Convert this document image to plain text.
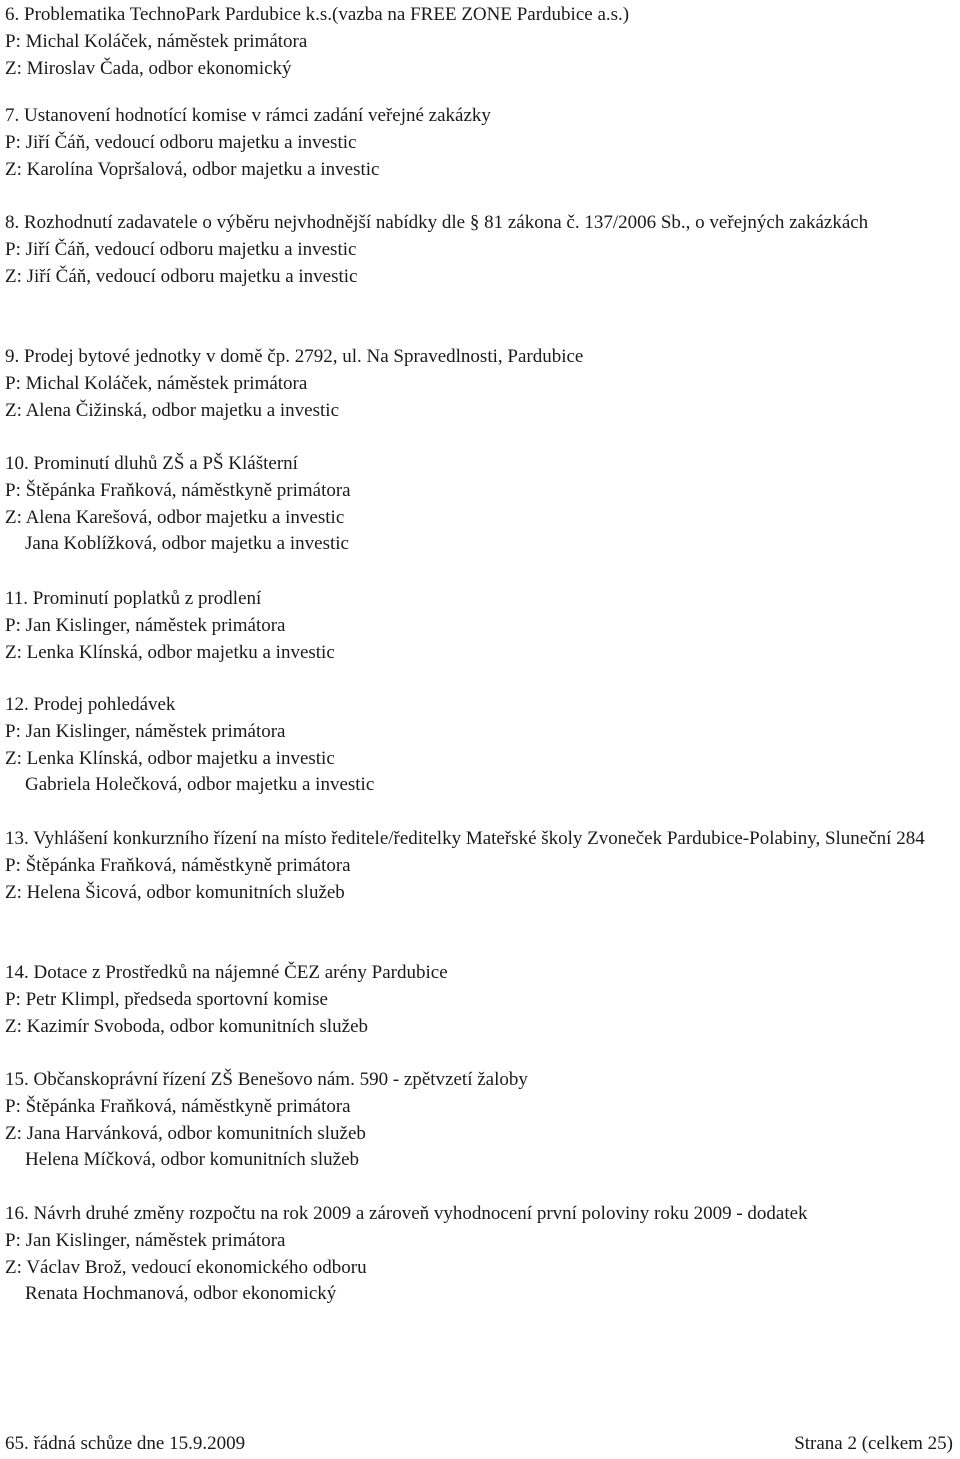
6. Problematika TechnoPark Pardubice k.s.(vazba na FREE ZONE Pardubice a.s.)
P: Michal Koláček, náměstek primátora
Z: Miroslav Čada, odbor ekonomický
7. Ustanovení hodnotící komise v rámci zadání veřejné zakázky
P: Jiří Čáň, vedoucí odboru majetku a investic
Z: Karolína Vopršalová, odbor majetku a investic
8. Rozhodnutí zadavatele o výběru nejvhodnější nabídky dle § 81 zákona č. 137/2006 Sb., o veřejných zakázkách
P: Jiří Čáň, vedoucí odboru majetku a investic
Z: Jiří Čáň, vedoucí odboru majetku a investic
9. Prodej bytové jednotky v domě čp. 2792, ul. Na Spravedlnosti, Pardubice
P: Michal Koláček, náměstek primátora
Z: Alena Čižinská, odbor majetku a investic
10. Prominutí dluhů ZŠ a PŠ Klášterní
P: Štěpánka Fraňková, náměstkyně primátora
Z: Alena Karešová, odbor majetku a investic
Jana Koblížková, odbor majetku a investic
11. Prominutí poplatků z prodlení
P: Jan Kislinger, náměstek primátora
Z: Lenka Klínská, odbor majetku a investic
12. Prodej pohledávek
P: Jan Kislinger, náměstek primátora
Z: Lenka Klínská, odbor majetku a investic
Gabriela Holečková, odbor majetku a investic
13. Vyhlášení konkurzního řízení na místo ředitele/ředitelky Mateřské školy Zvoneček Pardubice-Polabiny, Sluneční 284
P: Štěpánka Fraňková, náměstkyně primátora
Z: Helena Šicová, odbor komunitních služeb
14. Dotace z Prostředků na nájemné ČEZ arény Pardubice
P: Petr Klimpl, předseda sportovní komise
Z: Kazimír Svoboda, odbor komunitních služeb
15. Občanskoprávní řízení ZŠ Benešovo nám. 590 - zpětvzetí žaloby
P: Štěpánka Fraňková, náměstkyně primátora
Z: Jana Harvánková, odbor komunitních služeb
Helena Míčková, odbor komunitních služeb
16. Návrh druhé změny rozpočtu na rok 2009 a zároveň vyhodnocení první poloviny roku 2009 - dodatek
P: Jan Kislinger, náměstek primátora
Z: Václav Brož, vedoucí ekonomického odboru
Renata Hochmanová, odbor ekonomický
65. řádná schůze dne 15.9.2009	Strana 2 (celkem 25)
